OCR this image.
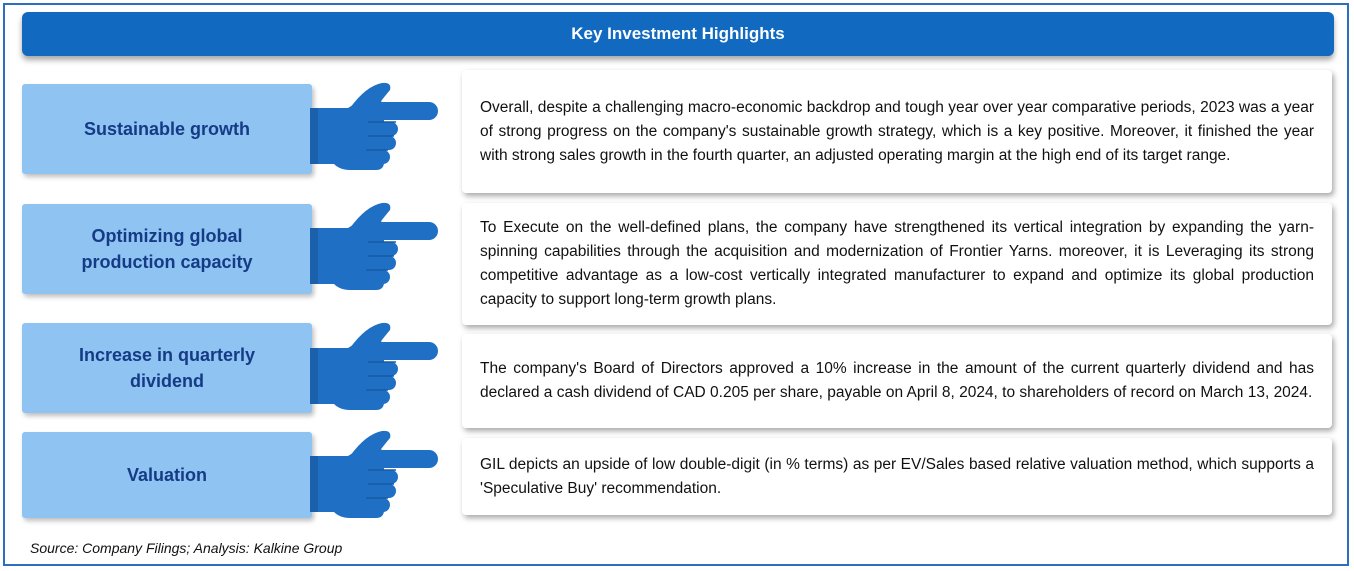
Key Investment Highlights
Sustainable growth
Overall, despite a challenging macro-economic backdrop and tough year over year comparative periods, 2023 was a year of strong progress on the company's sustainable growth strategy, which is a key positive. Moreover, it finished the year with strong sales growth in the fourth quarter, an adjusted operating margin at the high end of its target range.
Optimizing global production capacity
To Execute on the well-defined plans, the company have strengthened its vertical integration by expanding the yarn-spinning capabilities through the acquisition and modernization of Frontier Yarns. moreover, it is Leveraging its strong competitive advantage as a low-cost vertically integrated manufacturer to expand and optimize its global production capacity to support long-term growth plans.
Increase in quarterly dividend
The company's Board of Directors approved a 10% increase in the amount of the current quarterly dividend and has declared a cash dividend of CAD 0.205 per share, payable on April 8, 2024, to shareholders of record on March 13, 2024.
Valuation
GIL depicts an upside of low double-digit (in % terms) as per EV/Sales based relative valuation method, which supports a 'Speculative Buy' recommendation.
Source: Company Filings; Analysis: Kalkine Group
